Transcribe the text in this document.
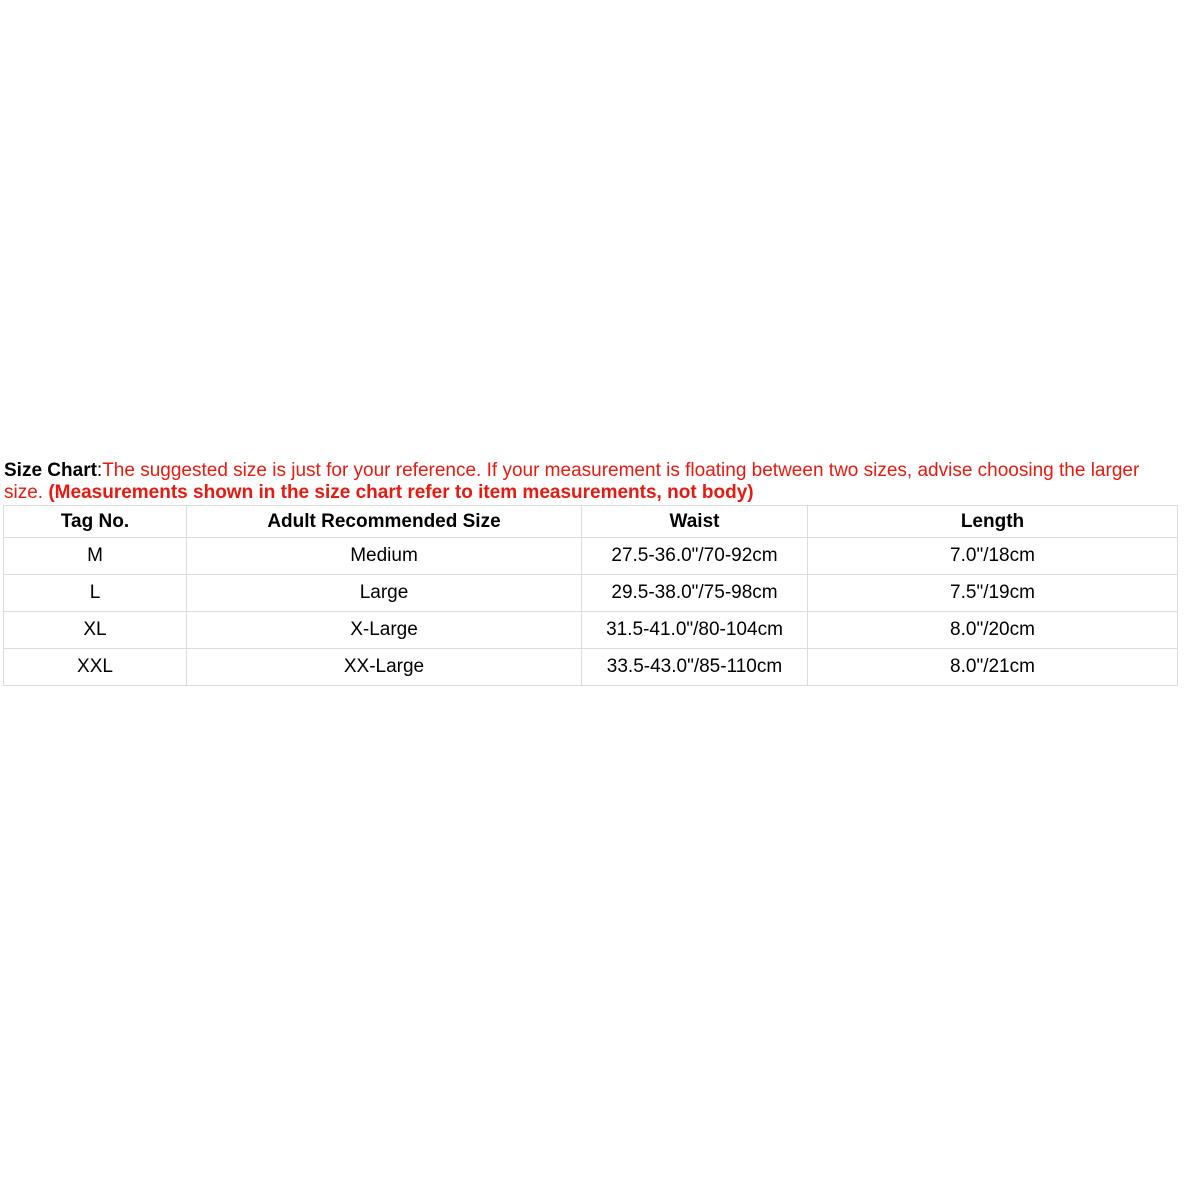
Size Chart:The suggested size is just for your reference. If your measurement is floating between two sizes, advise choosing the larger size. (Measurements shown in the size chart refer to item measurements, not body)

Tag No.	Adult Recommended Size	Waist	Length
M	Medium	27.5-36.0"/70-92cm	7.0"/18cm
L	Large	29.5-38.0"/75-98cm	7.5"/19cm
XL	X-Large	31.5-41.0"/80-104cm	8.0"/20cm
XXL	XX-Large	33.5-43.0"/85-110cm	8.0"/21cm
